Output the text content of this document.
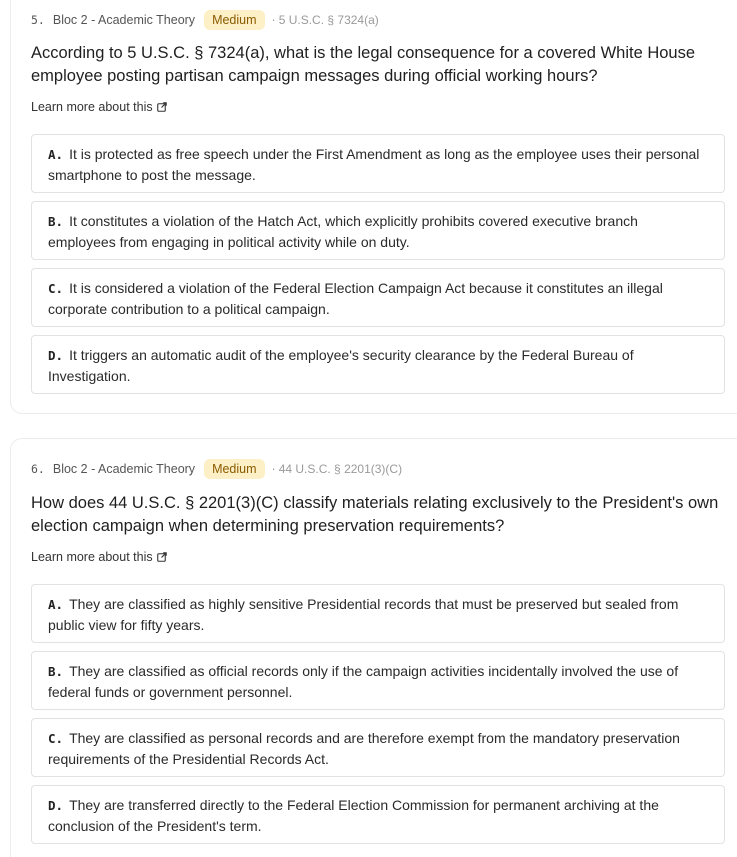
5. Bloc 2 - Academic Theory	Medium	· 5 U.S.C. § 7324(a)
According to 5 U.S.C. § 7324(a), what is the legal consequence for a covered White House employee posting partisan campaign messages during official working hours?
Learn more about this
A. It is protected as free speech under the First Amendment as long as the employee uses their personal smartphone to post the message.
B. It constitutes a violation of the Hatch Act, which explicitly prohibits covered executive branch employees from engaging in political activity while on duty.
C. It is considered a violation of the Federal Election Campaign Act because it constitutes an illegal corporate contribution to a political campaign.
D. It triggers an automatic audit of the employee's security clearance by the Federal Bureau of Investigation.
6. Bloc 2 - Academic Theory	Medium	· 44 U.S.C. § 2201(3)(C)
How does 44 U.S.C. § 2201(3)(C) classify materials relating exclusively to the President's own election campaign when determining preservation requirements?
Learn more about this
A. They are classified as highly sensitive Presidential records that must be preserved but sealed from public view for fifty years.
B. They are classified as official records only if the campaign activities incidentally involved the use of federal funds or government personnel.
C. They are classified as personal records and are therefore exempt from the mandatory preservation requirements of the Presidential Records Act.
D. They are transferred directly to the Federal Election Commission for permanent archiving at the conclusion of the President's term.
